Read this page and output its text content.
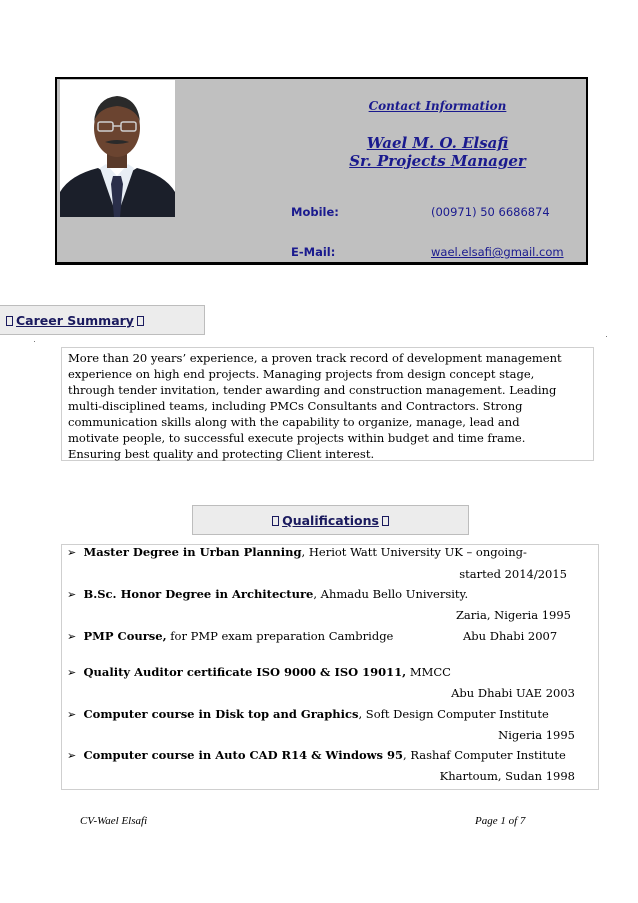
Contact Information
Wael M. O. Elsafi
Sr. Projects Manager
Mobile:	(00971) 50 6686874
E-Mail:	wael.elsafi@gmail.com
Career Summary
More than 20 years’ experience, a proven track record of development management
experience on high end projects. Managing projects from design concept stage,
through tender invitation, tender awarding and construction management. Leading
multi-disciplined teams, including PMCs Consultants and Contractors. Strong
communication skills along with the capability to organize, manage, lead and
motivate people, to successful execute projects within budget and time frame.
Ensuring best quality and protecting Client interest.
Qualifications
➢ Master Degree in Urban Planning, Heriot Watt University UK – ongoing-
started 2014/2015
➢ B.Sc. Honor Degree in Architecture, Ahmadu Bello University.
Zaria, Nigeria 1995
➢ PMP Course, for PMP exam preparation Cambridge	Abu Dhabi 2007
➢ Quality Auditor certificate ISO 9000 & ISO 19011, MMCC
Abu Dhabi UAE 2003
➢ Computer course in Disk top and Graphics, Soft Design Computer Institute
Nigeria 1995
➢ Computer course in Auto CAD R14 & Windows 95, Rashaf Computer Institute
Khartoum, Sudan 1998
CV-Wael Elsafi	Page 1 of 7
